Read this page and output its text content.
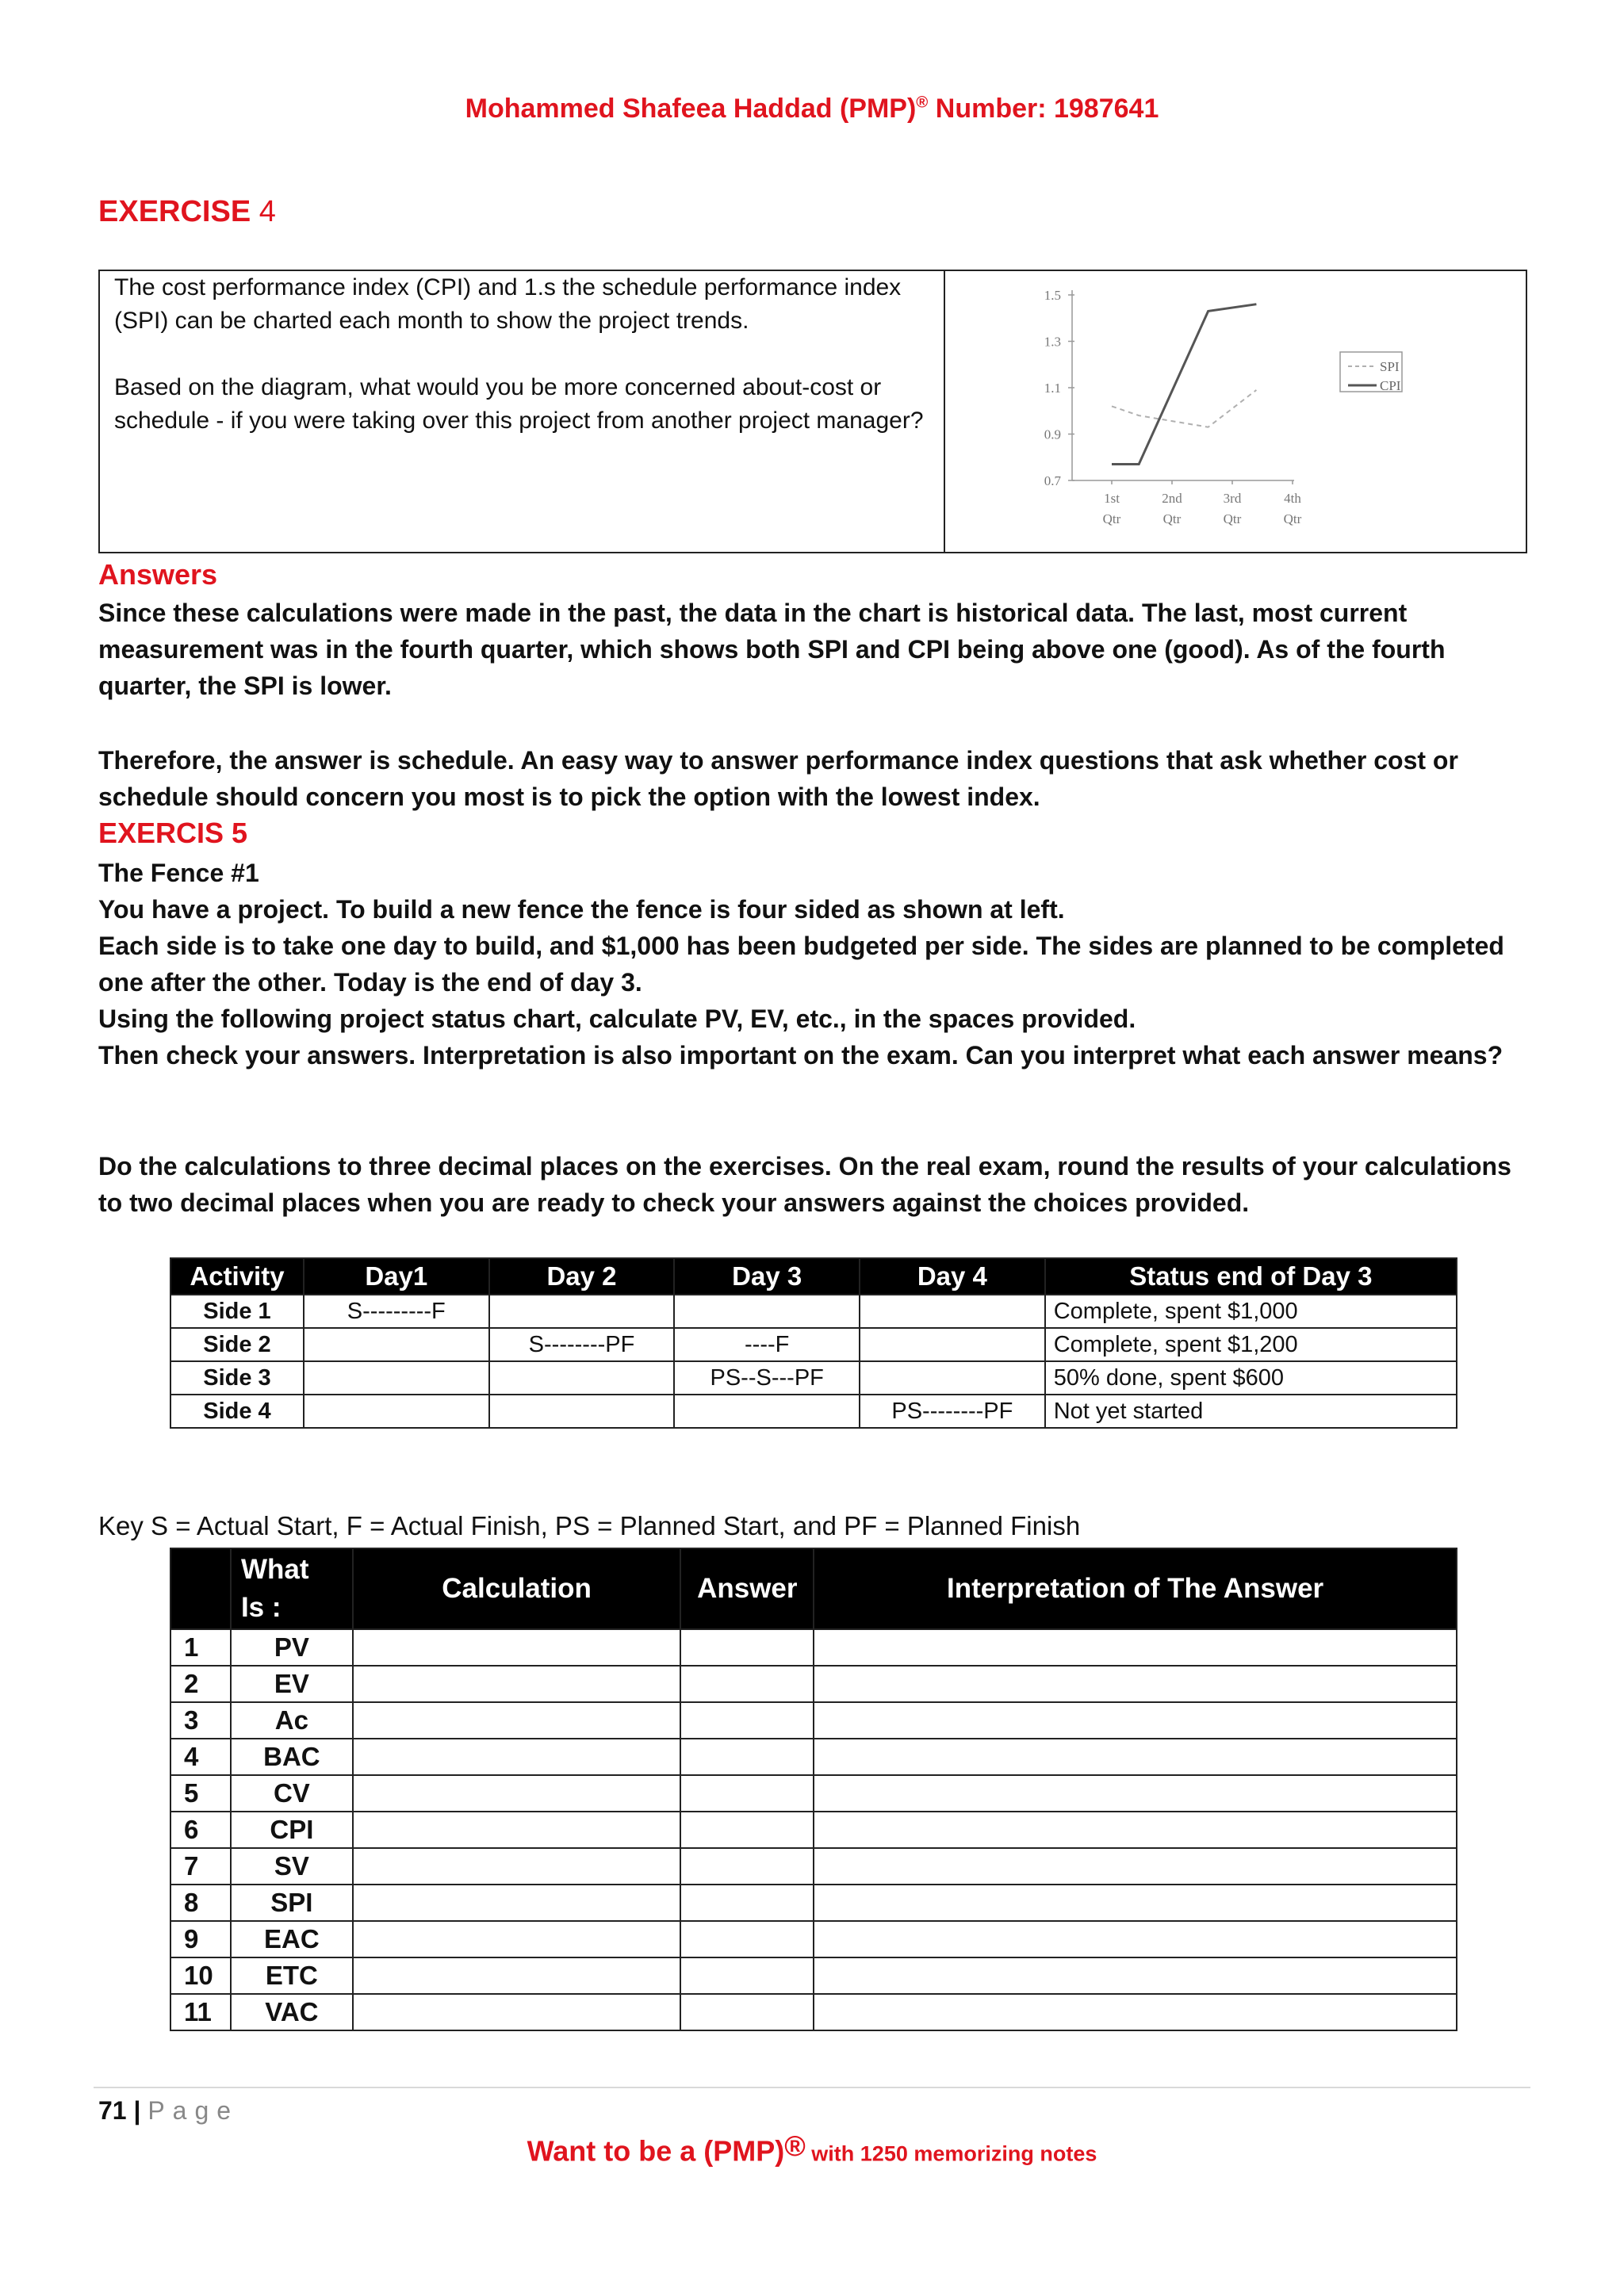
Mohammed Shafeea Haddad (PMP)® Number: 1987641
EXERCISE 4

The cost performance index (CPI) and 1.s the schedule performance index (SPI) can be charted each month to show the project trends.

Based on the diagram, what would you be more concerned about-cost or schedule - if you were taking over this project from another project manager?

1.5
1.3
1.1
0.9
0.7
1st
Qtr
2nd
Qtr
3rd
Qtr
4th
Qtr
SPI
CPI
Answers
Since these calculations were made in the past, the data in the chart is historical data. The last, most current measurement was in the fourth quarter, which shows both SPI and CPI being above one (good). As of the fourth quarter, the SPI is lower.
Therefore, the answer is schedule. An easy way to answer performance index questions that ask whether cost or schedule should concern you most is to pick the option with the lowest index.
EXERCIS 5

The Fence #1

You have a project. To build a new fence the fence is four sided as shown at left.

Each side is to take one day to build, and $1,000 has been budgeted per side. The sides are planned to be completed one after the other. Today is the end of day 3.

Using the following project status chart, calculate PV, EV, etc., in the spaces provided.

Then check your answers. Interpretation is also important on the exam. Can you interpret what each answer means?

Do the calculations to three decimal places on the exercises. On the real exam, round the results of your calculations to two decimal places when you are ready to check your answers against the choices provided.
Activity	Day1	Day 2	Day 3	Day 4	Status end of Day 3
Side 1	S---------F				Complete, spent $1,000
Side 2		S--------PF	----F		Complete, spent $1,200
Side 3			PS--S---PF		50% done, spent $600
Side 4				PS--------PF	Not yet started
Key S = Actual Start, F = Actual Finish, PS = Planned Start, and PF = Planned Finish
	What
Is :	Calculation	Answer	Interpretation of The Answer
1	PV			
2	EV			
3	Ac			
4	BAC			
5	CV			
6	CPI			
7	SV			
8	SPI			
9	EAC			
10	ETC			
11	VAC			
71 | Page
Want to be a (PMP)® with 1250 memorizing notes
